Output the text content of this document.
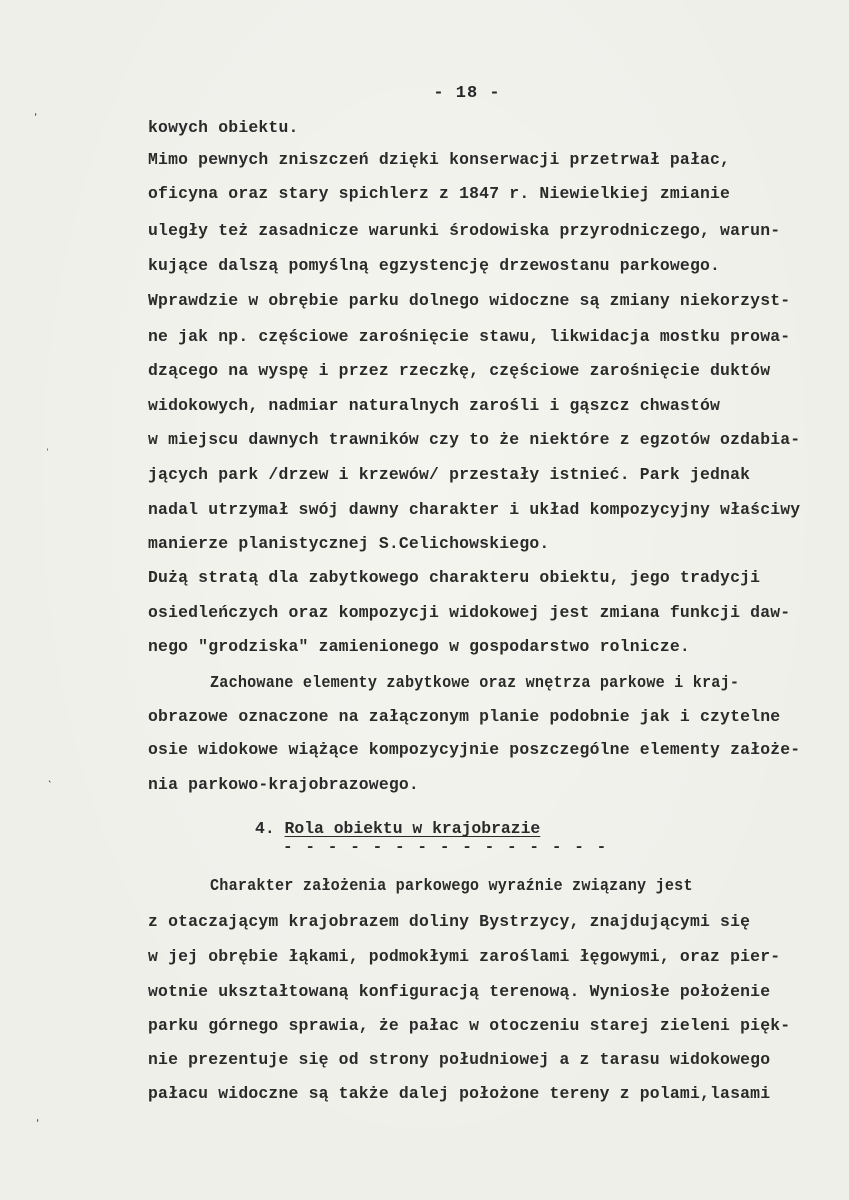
- 18 -
ʼ
ˌ
ˎ
ʼ
kowych obiektu.
Mimo pewnych zniszczeń dzięki konserwacji przetrwał pałac,
oficyna oraz stary spichlerz z 1847 r. Niewielkiej zmianie
uległy też zasadnicze warunki środowiska przyrodniczego, warun-
kujące dalszą pomyślną egzystencję drzewostanu parkowego.
Wprawdzie w obrębie parku dolnego widoczne są zmiany niekorzyst-
ne jak np. częściowe zarośnięcie stawu, likwidacja mostku prowa-
dzącego na wyspę i przez rzeczkę, częściowe zarośnięcie duktów
widokowych, nadmiar naturalnych zarośli i gąszcz chwastów
w miejscu dawnych trawników czy to że niektóre z egzotów ozdabia-
jących park /drzew i krzewów/ przestały istnieć. Park jednak
nadal utrzymał swój dawny charakter i układ kompozycyjny właściwy
manierze planistycznej S.Celichowskiego.
Dużą stratą dla zabytkowego charakteru obiektu, jego tradycji
osiedleńczych oraz kompozycji widokowej jest zmiana funkcji daw-
nego "grodziska" zamienionego w gospodarstwo rolnicze.
Zachowane elementy zabytkowe oraz wnętrza parkowe i kraj-
obrazowe oznaczone na załączonym planie podobnie jak i czytelne
osie widokowe wiążące kompozycyjnie poszczególne elementy założe-
nia parkowo-krajobrazowego.
4. Rola obiektu w krajobrazie
- - - - - - - - - - - - - - -
Charakter założenia parkowego wyraźnie związany jest
z otaczającym krajobrazem doliny Bystrzycy, znajdującymi się
w jej obrębie łąkami, podmokłymi zaroślami łęgowymi, oraz pier-
wotnie ukształtowaną konfiguracją terenową. Wyniosłe położenie
parku górnego sprawia, że pałac w otoczeniu starej zieleni pięk-
nie prezentuje się od strony południowej a z tarasu widokowego
pałacu widoczne są także dalej położone tereny z polami,lasami
